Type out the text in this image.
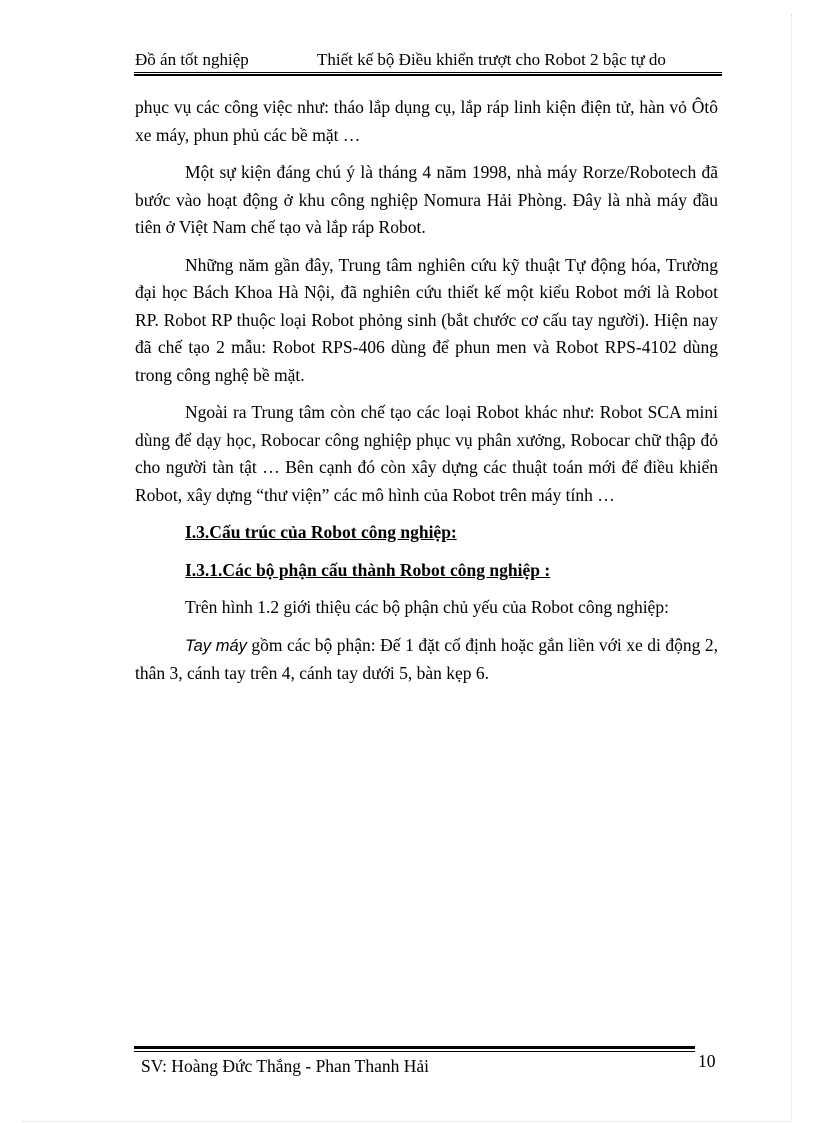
Đồ án tốt nghiệp	Thiết kế bộ Điều khiển trượt cho Robot 2 bậc tự do

phục vụ các công việc như: tháo lắp dụng cụ, lắp ráp linh kiện điện tử, hàn vỏ Ôtô xe máy, phun phủ các bề mặt …

Một sự kiện đáng chú ý là tháng 4 năm 1998, nhà máy Rorze/Robotech đã bước vào hoạt động ở khu công nghiệp Nomura Hải Phòng. Đây là nhà máy đầu tiên ở Việt Nam chế tạo và lắp ráp Robot.

Những năm gần đây, Trung tâm nghiên cứu kỹ thuật Tự động hóa, Trường đại học Bách Khoa Hà Nội, đã nghiên cứu thiết kế một kiểu Robot mới là Robot RP. Robot RP thuộc loại Robot phỏng sinh (bắt chước cơ cấu tay người). Hiện nay đã chế tạo 2 mẫu: Robot RPS-406 dùng để phun men và Robot RPS-4102 dùng trong công nghệ bề mặt.

Ngoài ra Trung tâm còn chế tạo các loại Robot khác như: Robot SCA mini dùng để dạy học, Robocar công nghiệp phục vụ phân xưởng, Robocar chữ thập đỏ cho người tàn tật … Bên cạnh đó còn xây dựng các thuật toán mới để điều khiển Robot, xây dựng “thư viện” các mô hình của Robot trên máy tính …

I.3.Cấu trúc của Robot công nghiệp:
I.3.1.Các bộ phận cấu thành Robot công nghiệp :

Trên hình 1.2 giới thiệu các bộ phận chủ yếu của Robot công nghiệp:

Tay máy gồm các bộ phận: Đế 1 đặt cố định hoặc gắn liền với xe di động 2, thân 3, cánh tay trên 4, cánh tay dưới 5, bàn kẹp 6.

SV: Hoàng Đức Thắng - Phan Thanh Hải	10
